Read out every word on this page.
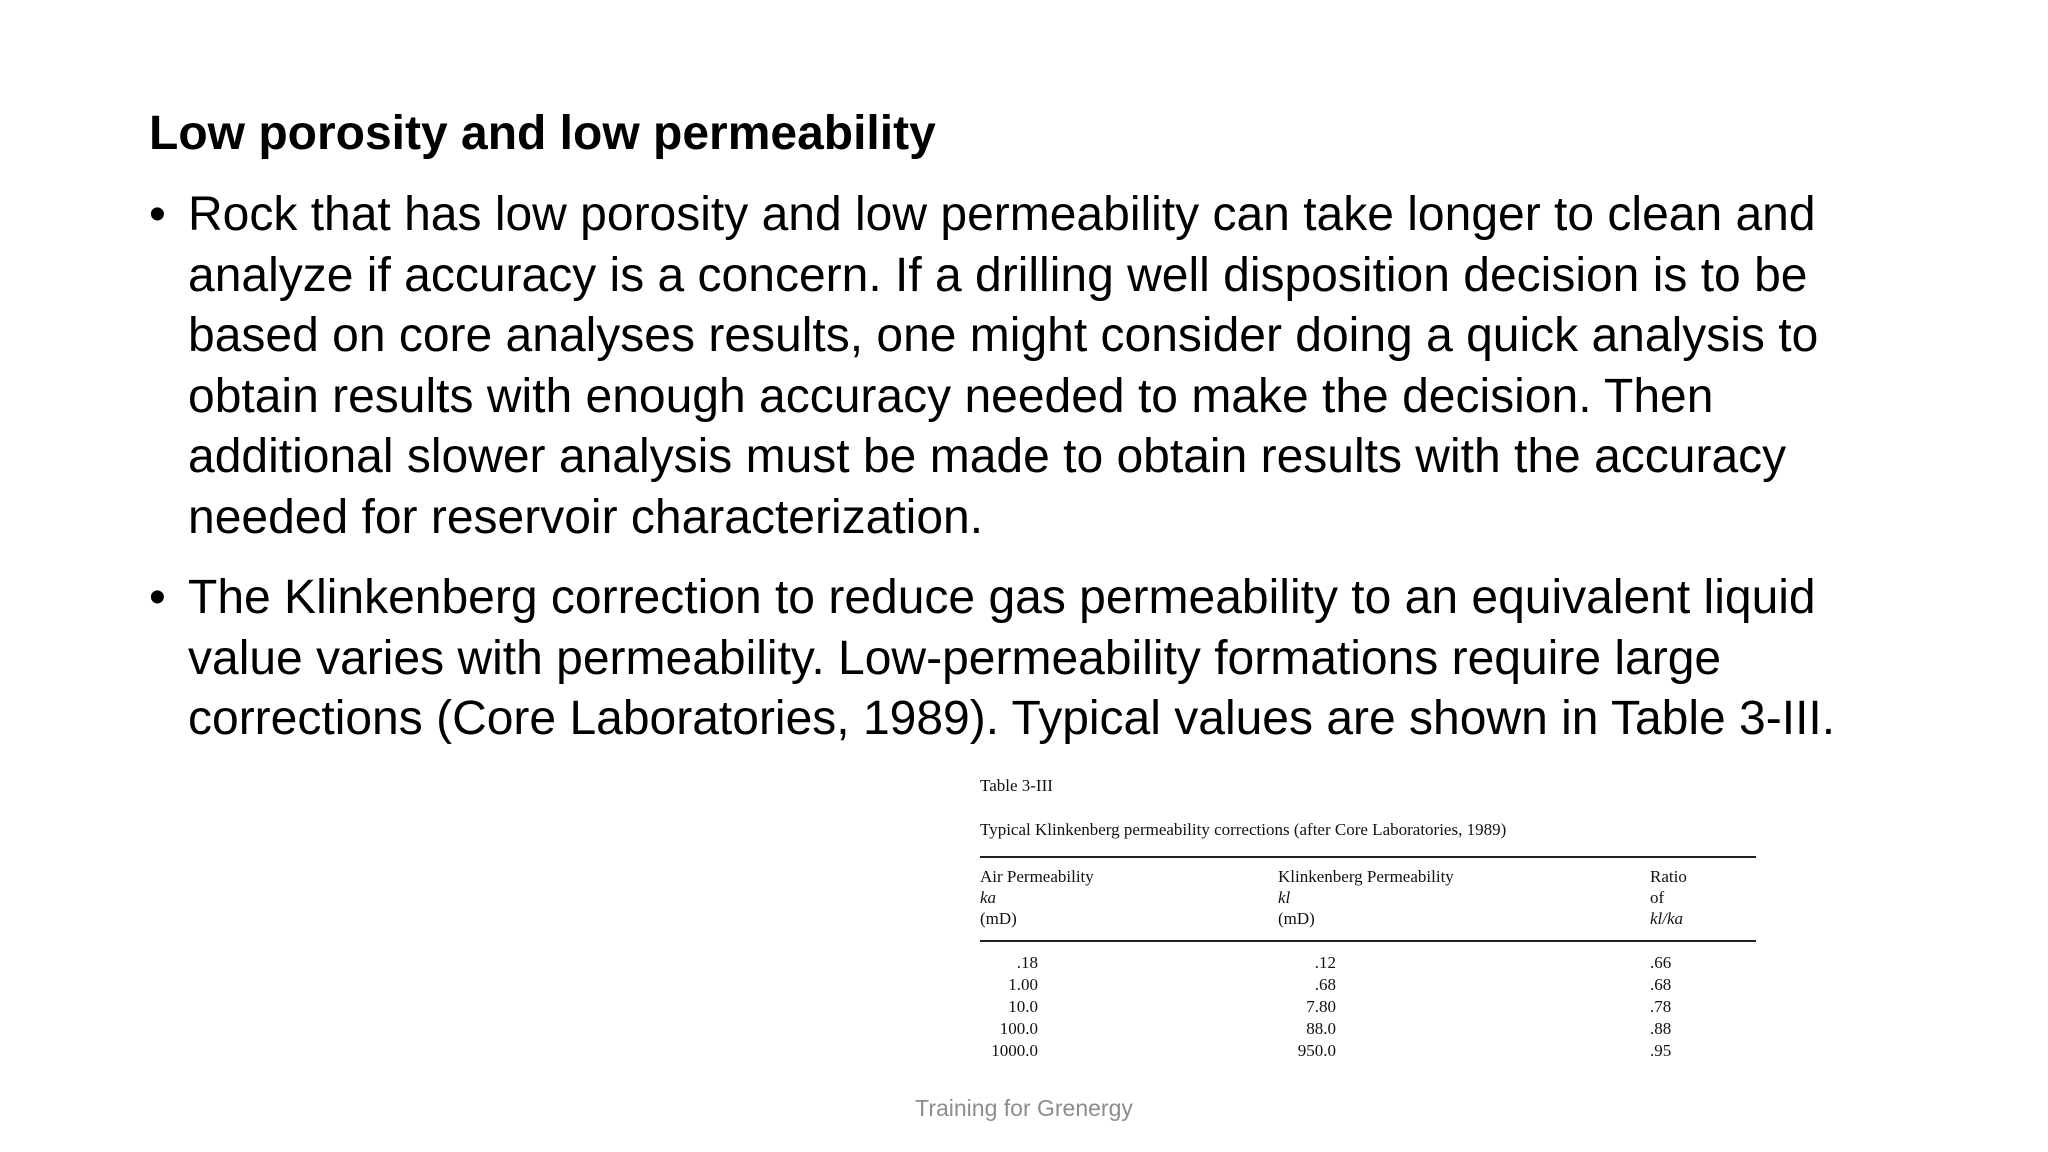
Low porosity and low permeability
• Rock that has low porosity and low permeability can take longer to clean and analyze if accuracy is a concern. If a drilling well disposition decision is to be based on core analyses results, one might consider doing a quick analysis to obtain results with enough accuracy needed to make the decision. Then additional slower analysis must be made to obtain results with the accuracy needed for reservoir characterization.
• The Klinkenberg correction to reduce gas permeability to an equivalent liquid value varies with permeability. Low-permeability formations require large corrections (Core Laboratories, 1989). Typical values are shown in Table 3-III.
Table 3-III
Typical Klinkenberg permeability corrections (after Core Laboratories, 1989)
Air Permeability
ka
(mD)
Klinkenberg Permeability
kl
(mD)
Ratio
of
kl/ka
.18
1.00
10.0
100.0
1000.0
.12
.68
7.80
88.0
950.0
.66
.68
.78
.88
.95
Training for Grenergy
